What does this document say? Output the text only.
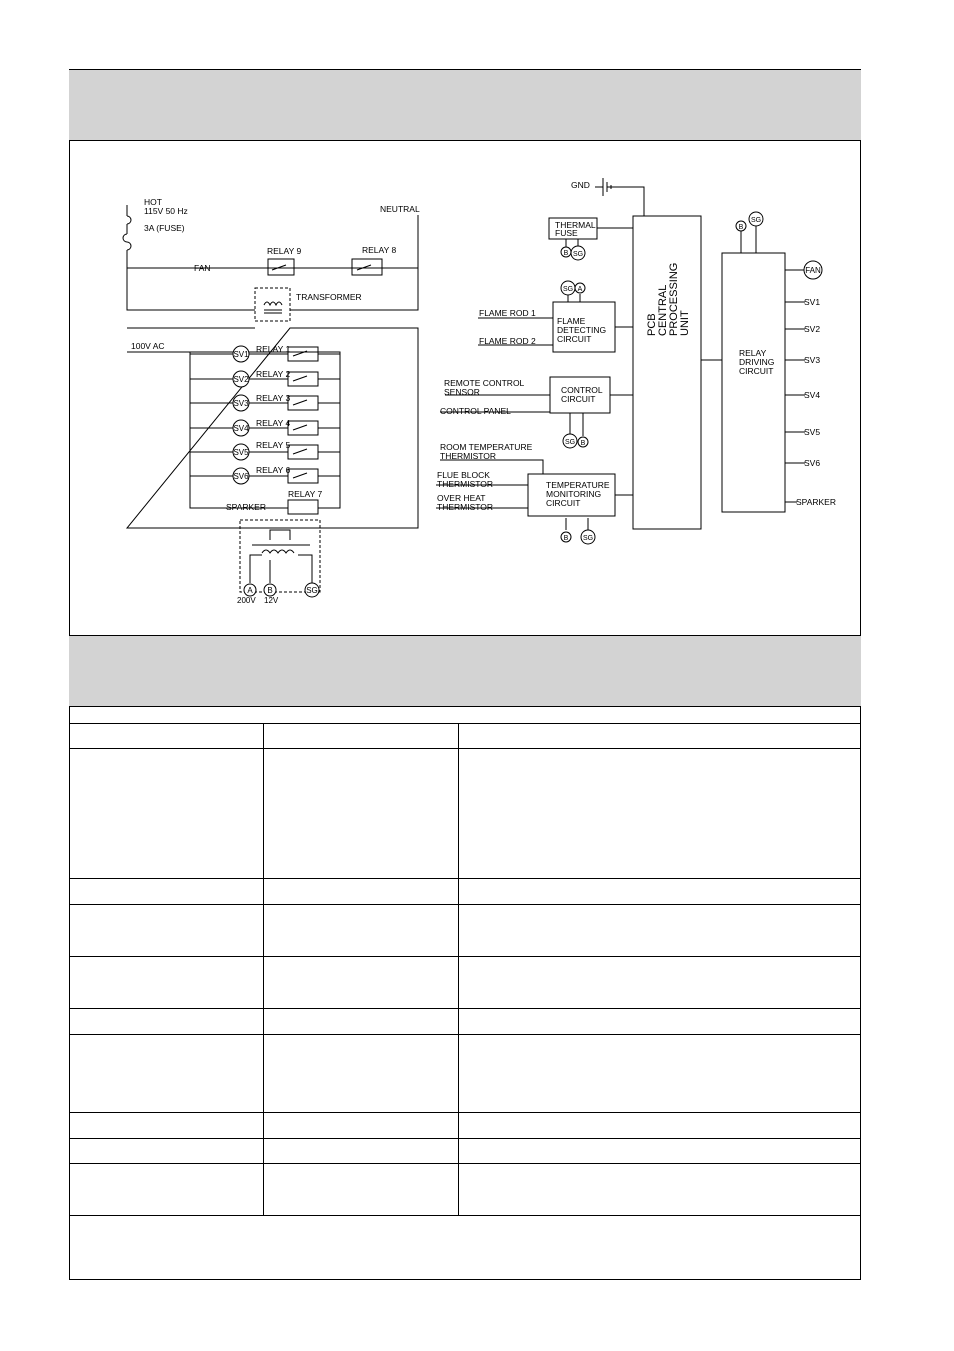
HOT
115V 50 Hz
3A (FUSE)
NEUTRAL
FAN
RELAY 9	RELAY 8
TRANSFORMER
100V AC
SPARKER
RELAY 7
SV1
RELAY 1
SV2
RELAY 2
SV3
RELAY 3
SV4
RELAY 4
SV5
RELAY 5
SV6
RELAY 6
A B	SG
200V 12V
GND
THERMAL
FUSE
B SG
SG A
SG B
B SG
B
SG
FLAME ROD 1
FLAME ROD 2
FLAME
DETECTING
CIRCUIT
REMOTE CONTROL
SENSOR
CONTROL PANEL
CONTROL
CIRCUIT
ROOM TEMPERATURE
THERMISTOR
FLUE BLOCK
THERMISTOR
OVER HEAT
THERMISTOR
TEMPERATURE
MONITORING
CIRCUIT
PCB CENTRAL PROCESSING UNIT
RELAY
DRIVING
CIRCUIT
FAN
SV1
SV2
SV3
SV4
SV5
SV6
SPARKER
